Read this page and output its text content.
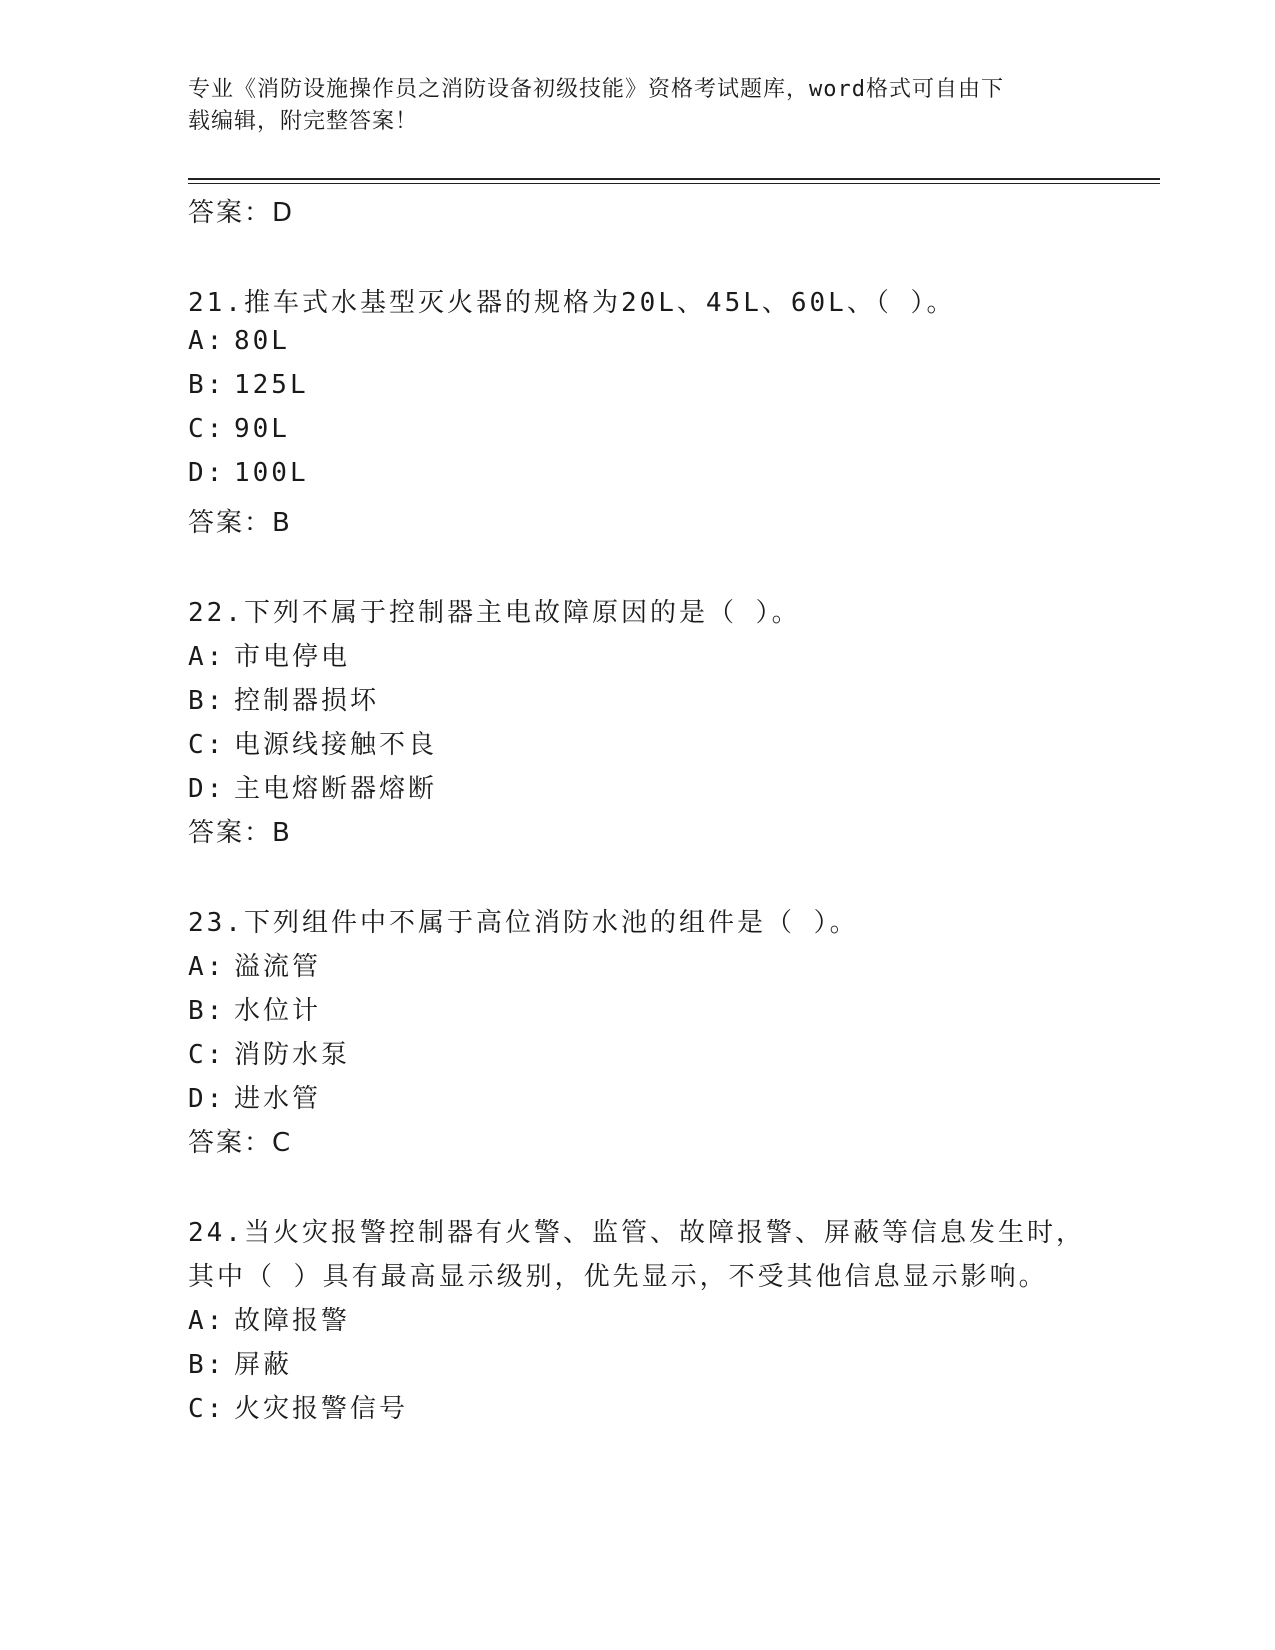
专业《消防设施操作员之消防设备初级技能》资格考试题库，word格式可自由下
载编辑，附完整答案！
答案：D
21.推车式水基型灭火器的规格为20L、45L、60L、（ ）。
A: 80L
B: 125L
C: 90L
D: 100L
答案：B
22.下列不属于控制器主电故障原因的是（ ）。
A: 市电停电
B: 控制器损坏
C: 电源线接触不良
D: 主电熔断器熔断
答案：B
23.下列组件中不属于高位消防水池的组件是（ ）。
A: 溢流管
B: 水位计
C: 消防水泵
D: 进水管
答案：C
24.当火灾报警控制器有火警、监管、故障报警、屏蔽等信息发生时，
其中（ ）具有最高显示级别，优先显示，不受其他信息显示影响。
A: 故障报警
B: 屏蔽
C: 火灾报警信号
